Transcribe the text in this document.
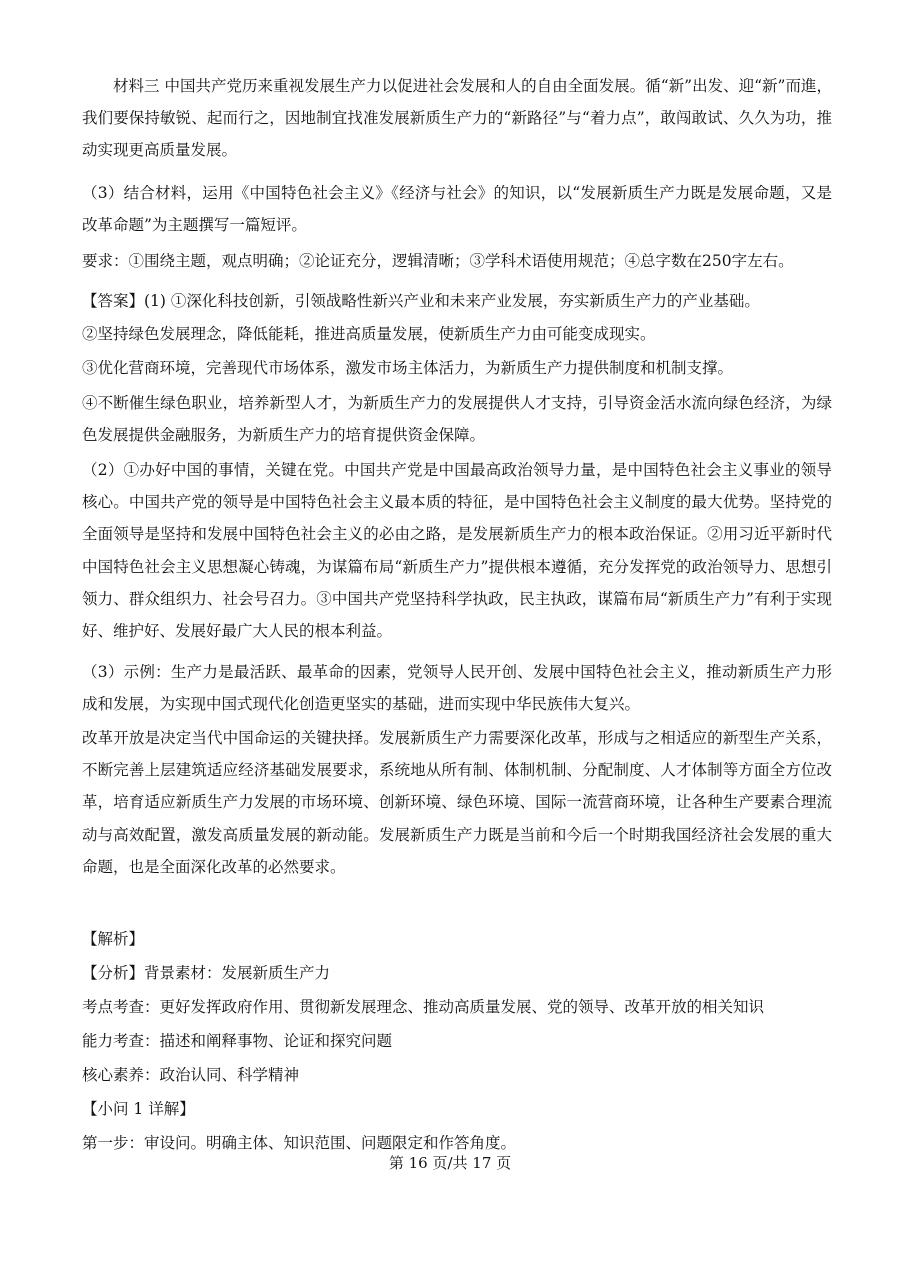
材料三 中国共产党历来重视发展生产力以促进社会发展和人的自由全面发展。循“新”出发、迎“新”而進，我们要保持敏锐、起而行之，因地制宜找准发展新质生产力的“新路径”与“着力点”，敢闯敢试、久久为功，推动实现更高质量发展。

（3）结合材料，运用《中国特色社会主义》《经济与社会》的知识，以“发展新质生产力既是发展命题，又是改革命题”为主题撰写一篇短评。

要求：①围绕主题，观点明确；②论证充分，逻辑清晰；③学科术语使用规范；④总字数在250字左右。

【答案】(1) ①深化科技创新，引领战略性新兴产业和未来产业发展，夯实新质生产力的产业基础。

②坚持绿色发展理念，降低能耗，推进高质量发展，使新质生产力由可能变成现实。

③优化营商环境，完善现代市场体系，激发市场主体活力，为新质生产力提供制度和机制支撑。

④不断催生绿色职业，培养新型人才，为新质生产力的发展提供人才支持，引导资金活水流向绿色经济，为绿色发展提供金融服务，为新质生产力的培育提供资金保障。

（2）①办好中国的事情，关键在党。中国共产党是中国最高政治领导力量，是中国特色社会主义事业的领导核心。中国共产党的领导是中国特色社会主义最本质的特征，是中国特色社会主义制度的最大优势。坚持党的全面领导是坚持和发展中国特色社会主义的必由之路，是发展新质生产力的根本政治保证。②用习近平新时代中国特色社会主义思想凝心铸魂，为谋篇布局“新质生产力”提供根本遵循，充分发挥党的政治领导力、思想引领力、群众组织力、社会号召力。③中国共产党坚持科学执政，民主执政，谋篇布局“新质生产力”有利于实现好、维护好、发展好最广大人民的根本利益。

（3）示例：生产力是最活跃、最革命的因素，党领导人民开创、发展中国特色社会主义，推动新质生产力形成和发展，为实现中国式现代化创造更坚实的基础，进而实现中华民族伟大复兴。

改革开放是决定当代中国命运的关键抉择。发展新质生产力需要深化改革，形成与之相适应的新型生产关系，不断完善上层建筑适应经济基础发展要求，系统地从所有制、体制机制、分配制度、人才体制等方面全方位改革，培育适应新质生产力发展的市场环境、创新环境、绿色环境、国际一流营商环境，让各种生产要素合理流动与高效配置，激发高质量发展的新动能。发展新质生产力既是当前和今后一个时期我国经济社会发展的重大命题，也是全面深化改革的必然要求。

【解析】

【分析】背景素材：发展新质生产力

考点考查：更好发挥政府作用、贯彻新发展理念、推动高质量发展、党的领导、改革开放的相关知识

能力考查：描述和阐释事物、论证和探究问题

核心素养：政治认同、科学精神

【小问 1 详解】

第一步：审设问。明确主体、知识范围、问题限定和作答角度。

第 16 页/共 17 页
